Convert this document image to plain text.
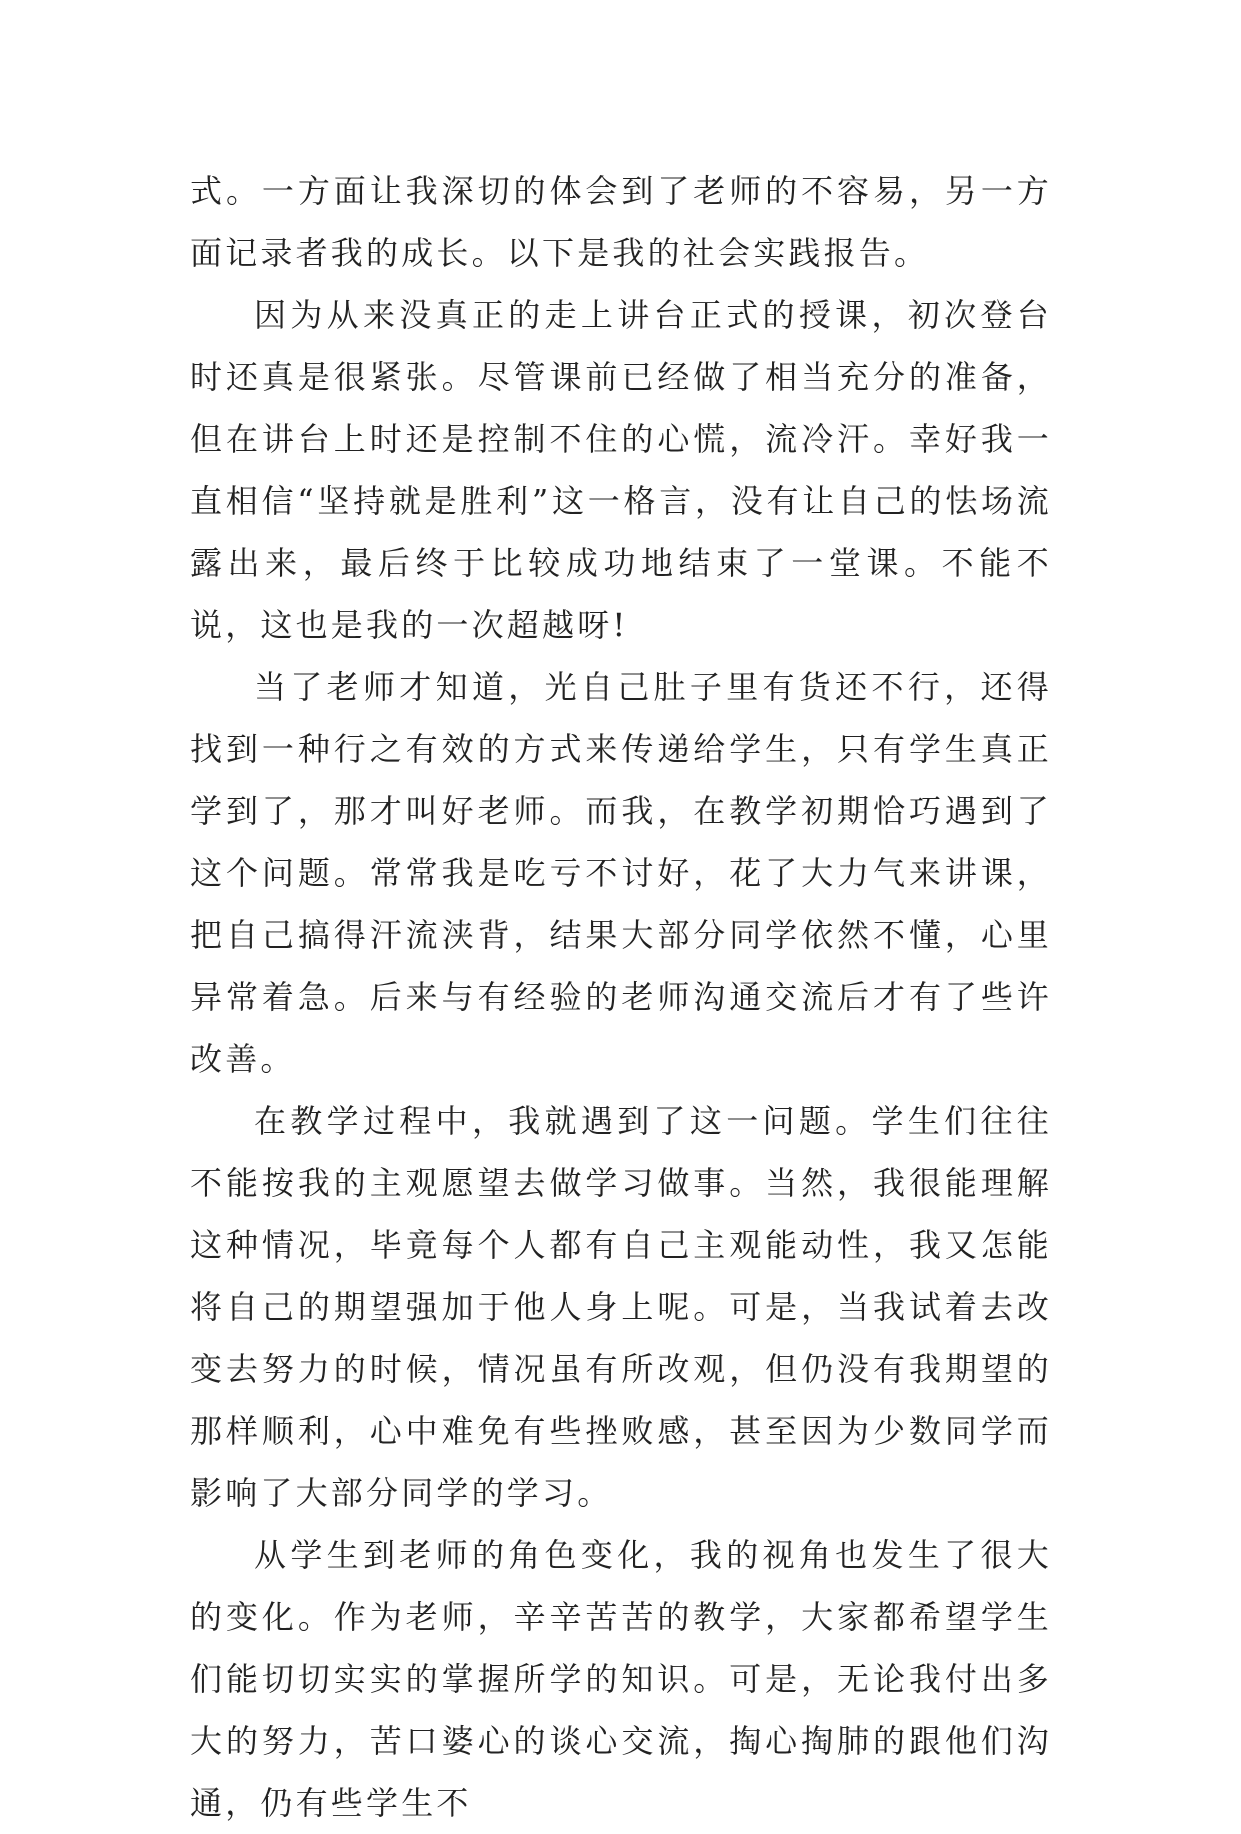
式。一方面让我深切的体会到了老师的不容易，另一方面记录者我的成长。以下是我的社会实践报告。

因为从来没真正的走上讲台正式的授课，初次登台时还真是很紧张。尽管课前已经做了相当充分的准备，但在讲台上时还是控制不住的心慌，流冷汗。幸好我一直相信“坚持就是胜利”这一格言，没有让自己的怯场流露出来，最后终于比较成功地结束了一堂课。不能不说，这也是我的一次超越呀!

当了老师才知道，光自己肚子里有货还不行，还得找到一种行之有效的方式来传递给学生，只有学生真正学到了，那才叫好老师。而我，在教学初期恰巧遇到了这个问题。常常我是吃亏不讨好，花了大力气来讲课，把自己搞得汗流浃背，结果大部分同学依然不懂，心里异常着急。后来与有经验的老师沟通交流后才有了些许改善。

在教学过程中，我就遇到了这一问题。学生们往往不能按我的主观愿望去做学习做事。当然，我很能理解这种情况，毕竟每个人都有自己主观能动性，我又怎能将自己的期望强加于他人身上呢。可是，当我试着去改变去努力的时候，情况虽有所改观，但仍没有我期望的那样顺利，心中难免有些挫败感，甚至因为少数同学而影响了大部分同学的学习。

从学生到老师的角色变化，我的视角也发生了很大的变化。作为老师，辛辛苦苦的教学，大家都希望学生们能切切实实的掌握所学的知识。可是，无论我付出多大的努力，苦口婆心的谈心交流，掏心掏肺的跟他们沟通，仍有些学生不
